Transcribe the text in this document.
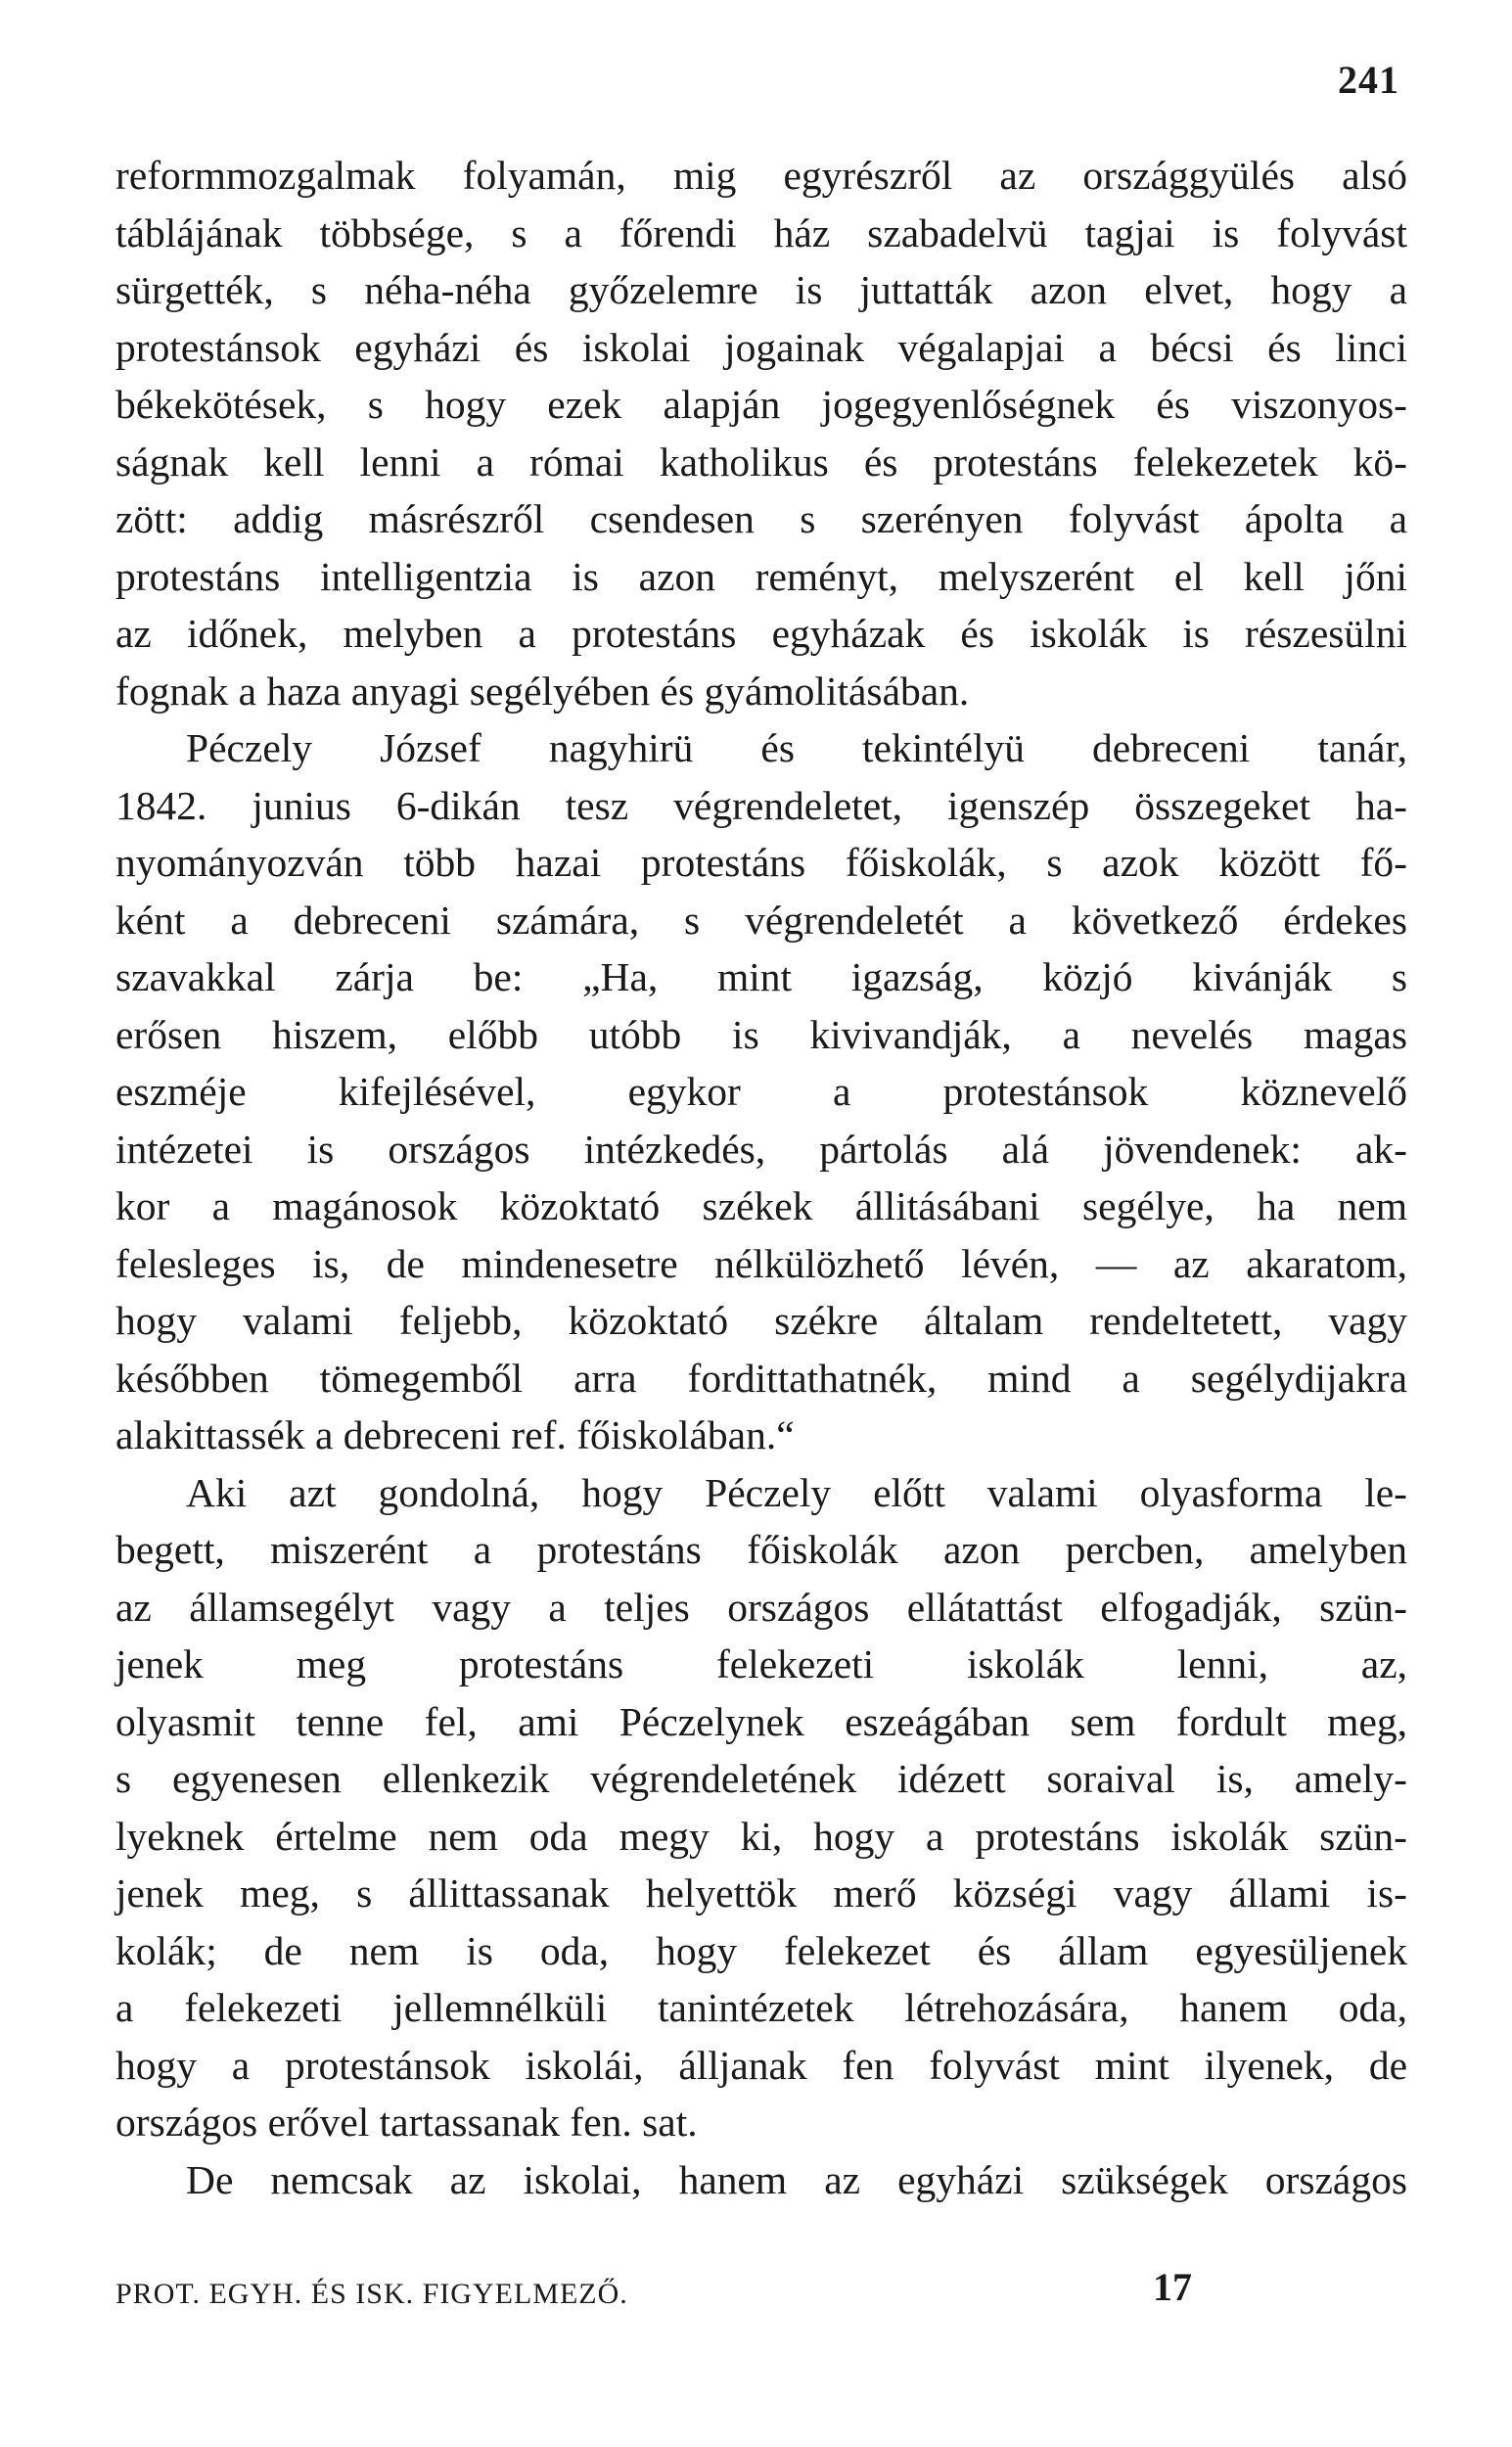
241
reformmozgalmak folyamán, mig egyrészről az országgyülés alsó
táblájának többsége, s a főrendi ház szabadelvü tagjai is folyvást
sürgették, s néha-néha győzelemre is juttatták azon elvet, hogy a
protestánsok egyházi és iskolai jogainak végalapjai a bécsi és linci
békekötések, s hogy ezek alapján jogegyenlőségnek és viszonyos-
ságnak kell lenni a római katholikus és protestáns felekezetek kö-
zött: addig másrészről csendesen s szerényen folyvást ápolta a
protestáns intelligentzia is azon reményt, melyszerént el kell jőni
az időnek, melyben a protestáns egyházak és iskolák is részesülni
fognak a haza anyagi segélyében és gyámolitásában.
Péczely József nagyhirü és tekintélyü debreceni tanár,
1842. junius 6-dikán tesz végrendeletet, igenszép összegeket ha-
nyományozván több hazai protestáns főiskolák, s azok között fő-
ként a debreceni számára, s végrendeletét a következő érdekes
szavakkal zárja be: „Ha, mint igazság, közjó kivánják s
erősen hiszem, előbb utóbb is kivivandják, a nevelés magas
eszméje kifejlésével, egykor a protestánsok köznevelő
intézetei is országos intézkedés, pártolás alá jövendenek: ak-
kor a magánosok közoktató székek állitásábani segélye, ha nem
felesleges is, de mindenesetre nélkülözhető lévén, — az akaratom,
hogy valami feljebb, közoktató székre általam rendeltetett, vagy
későbben tömegemből arra fordittathatnék, mind a segélydijakra
alakittassék a debreceni ref. főiskolában.“
Aki azt gondolná, hogy Péczely előtt valami olyasforma le-
begett, miszerént a protestáns főiskolák azon percben, amelyben
az államsegélyt vagy a teljes országos ellátattást elfogadják, szün-
jenek meg protestáns felekezeti iskolák lenni, az,
olyasmit tenne fel, ami Péczelynek eszeágában sem fordult meg,
s egyenesen ellenkezik végrendeletének idézett soraival is, amely-
lyeknek értelme nem oda megy ki, hogy a protestáns iskolák szün-
jenek meg, s állittassanak helyettök merő községi vagy állami is-
kolák; de nem is oda, hogy felekezet és állam egyesüljenek
a felekezeti jellemnélküli tanintézetek létrehozására, hanem oda,
hogy a protestánsok iskolái, álljanak fen folyvást mint ilyenek, de
országos erővel tartassanak fen. sat.
De nemcsak az iskolai, hanem az egyházi szükségek országos
PROT. EGYH. ÉS ISK. FIGYELMEZŐ.	17
